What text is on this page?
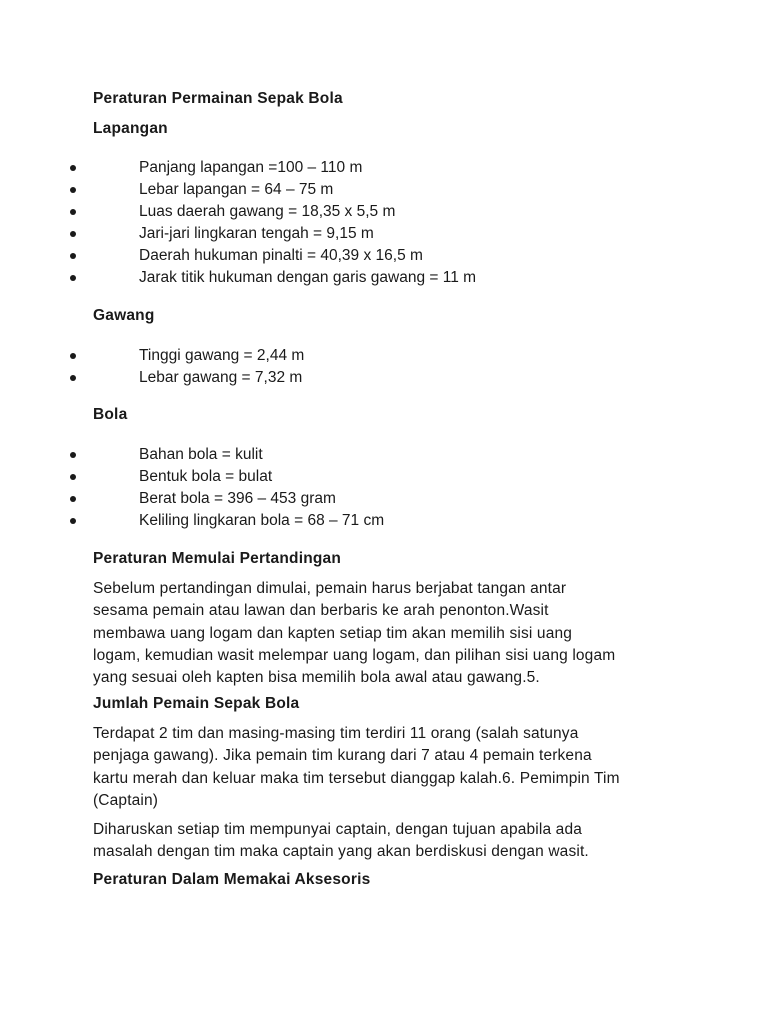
Peraturan Permainan Sepak Bola
Lapangan
Panjang lapangan =100 – 110 m
Lebar lapangan = 64 – 75 m
Luas daerah gawang = 18,35 x 5,5 m
Jari-jari lingkaran tengah = 9,15 m
Daerah hukuman pinalti = 40,39 x 16,5 m
Jarak titik hukuman dengan garis gawang = 11 m
Gawang
Tinggi gawang = 2,44 m
Lebar gawang = 7,32 m
Bola
Bahan bola = kulit
Bentuk bola = bulat
Berat bola = 396 – 453 gram
Keliling lingkaran bola = 68 – 71 cm
Peraturan Memulai Pertandingan

Sebelum pertandingan dimulai, pemain harus berjabat tangan antar
sesama pemain atau lawan dan berbaris ke arah penonton.Wasit
membawa uang logam dan kapten setiap tim akan memilih sisi uang
logam, kemudian wasit melempar uang logam, dan pilihan sisi uang logam
yang sesuai oleh kapten bisa memilih bola awal atau gawang.5.

Jumlah Pemain Sepak Bola

Terdapat 2 tim dan masing-masing tim terdiri 11 orang (salah satunya
penjaga gawang). Jika pemain tim kurang dari 7 atau 4 pemain terkena
kartu merah dan keluar maka tim tersebut dianggap kalah.6. Pemimpin Tim
(Captain)

Diharuskan setiap tim mempunyai captain, dengan tujuan apabila ada
masalah dengan tim maka captain yang akan berdiskusi dengan wasit.

Peraturan Dalam Memakai Aksesoris
